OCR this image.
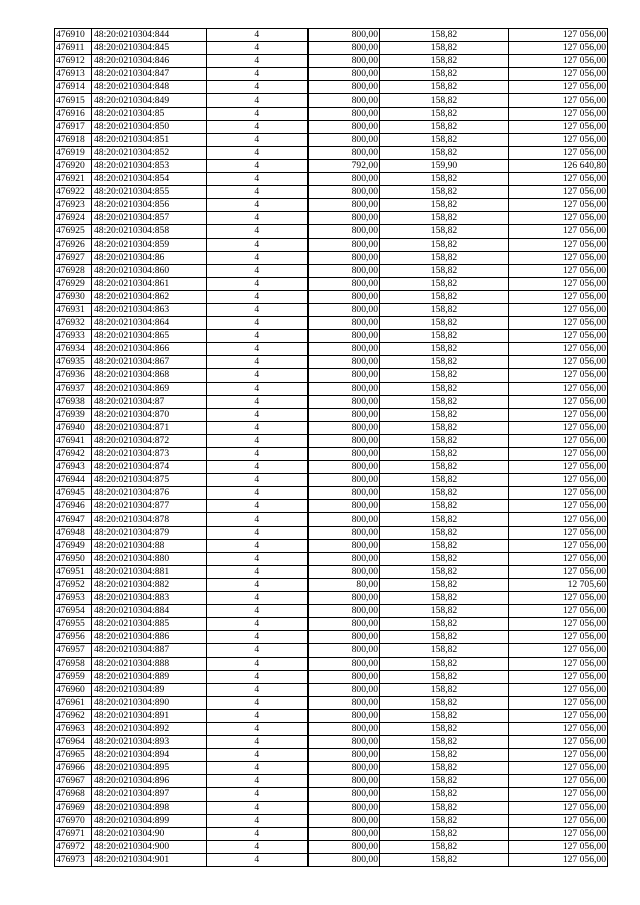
476910	48:20:0210304:844	4	800,00	158,82	127 056,00
476911	48:20:0210304:845	4	800,00	158,82	127 056,00
476912	48:20:0210304:846	4	800,00	158,82	127 056,00
476913	48:20:0210304:847	4	800,00	158,82	127 056,00
476914	48:20:0210304:848	4	800,00	158,82	127 056,00
476915	48:20:0210304:849	4	800,00	158,82	127 056,00
476916	48:20:0210304:85	4	800,00	158,82	127 056,00
476917	48:20:0210304:850	4	800,00	158,82	127 056,00
476918	48:20:0210304:851	4	800,00	158,82	127 056,00
476919	48:20:0210304:852	4	800,00	158,82	127 056,00
476920	48:20:0210304:853	4	792,00	159,90	126 640,80
476921	48:20:0210304:854	4	800,00	158,82	127 056,00
476922	48:20:0210304:855	4	800,00	158,82	127 056,00
476923	48:20:0210304:856	4	800,00	158,82	127 056,00
476924	48:20:0210304:857	4	800,00	158,82	127 056,00
476925	48:20:0210304:858	4	800,00	158,82	127 056,00
476926	48:20:0210304:859	4	800,00	158,82	127 056,00
476927	48:20:0210304:86	4	800,00	158,82	127 056,00
476928	48:20:0210304:860	4	800,00	158,82	127 056,00
476929	48:20:0210304:861	4	800,00	158,82	127 056,00
476930	48:20:0210304:862	4	800,00	158,82	127 056,00
476931	48:20:0210304:863	4	800,00	158,82	127 056,00
476932	48:20:0210304:864	4	800,00	158,82	127 056,00
476933	48:20:0210304:865	4	800,00	158,82	127 056,00
476934	48:20:0210304:866	4	800,00	158,82	127 056,00
476935	48:20:0210304:867	4	800,00	158,82	127 056,00
476936	48:20:0210304:868	4	800,00	158,82	127 056,00
476937	48:20:0210304:869	4	800,00	158,82	127 056,00
476938	48:20:0210304:87	4	800,00	158,82	127 056,00
476939	48:20:0210304:870	4	800,00	158,82	127 056,00
476940	48:20:0210304:871	4	800,00	158,82	127 056,00
476941	48:20:0210304:872	4	800,00	158,82	127 056,00
476942	48:20:0210304:873	4	800,00	158,82	127 056,00
476943	48:20:0210304:874	4	800,00	158,82	127 056,00
476944	48:20:0210304:875	4	800,00	158,82	127 056,00
476945	48:20:0210304:876	4	800,00	158,82	127 056,00
476946	48:20:0210304:877	4	800,00	158,82	127 056,00
476947	48:20:0210304:878	4	800,00	158,82	127 056,00
476948	48:20:0210304:879	4	800,00	158,82	127 056,00
476949	48:20:0210304:88	4	800,00	158,82	127 056,00
476950	48:20:0210304:880	4	800,00	158,82	127 056,00
476951	48:20:0210304:881	4	800,00	158,82	127 056,00
476952	48:20:0210304:882	4	80,00	158,82	12 705,60
476953	48:20:0210304:883	4	800,00	158,82	127 056,00
476954	48:20:0210304:884	4	800,00	158,82	127 056,00
476955	48:20:0210304:885	4	800,00	158,82	127 056,00
476956	48:20:0210304:886	4	800,00	158,82	127 056,00
476957	48:20:0210304:887	4	800,00	158,82	127 056,00
476958	48:20:0210304:888	4	800,00	158,82	127 056,00
476959	48:20:0210304:889	4	800,00	158,82	127 056,00
476960	48:20:0210304:89	4	800,00	158,82	127 056,00
476961	48:20:0210304:890	4	800,00	158,82	127 056,00
476962	48:20:0210304:891	4	800,00	158,82	127 056,00
476963	48:20:0210304:892	4	800,00	158,82	127 056,00
476964	48:20:0210304:893	4	800,00	158,82	127 056,00
476965	48:20:0210304:894	4	800,00	158,82	127 056,00
476966	48:20:0210304:895	4	800,00	158,82	127 056,00
476967	48:20:0210304:896	4	800,00	158,82	127 056,00
476968	48:20:0210304:897	4	800,00	158,82	127 056,00
476969	48:20:0210304:898	4	800,00	158,82	127 056,00
476970	48:20:0210304:899	4	800,00	158,82	127 056,00
476971	48:20:0210304:90	4	800,00	158,82	127 056,00
476972	48:20:0210304:900	4	800,00	158,82	127 056,00
476973	48:20:0210304:901	4	800,00	158,82	127 056,00
